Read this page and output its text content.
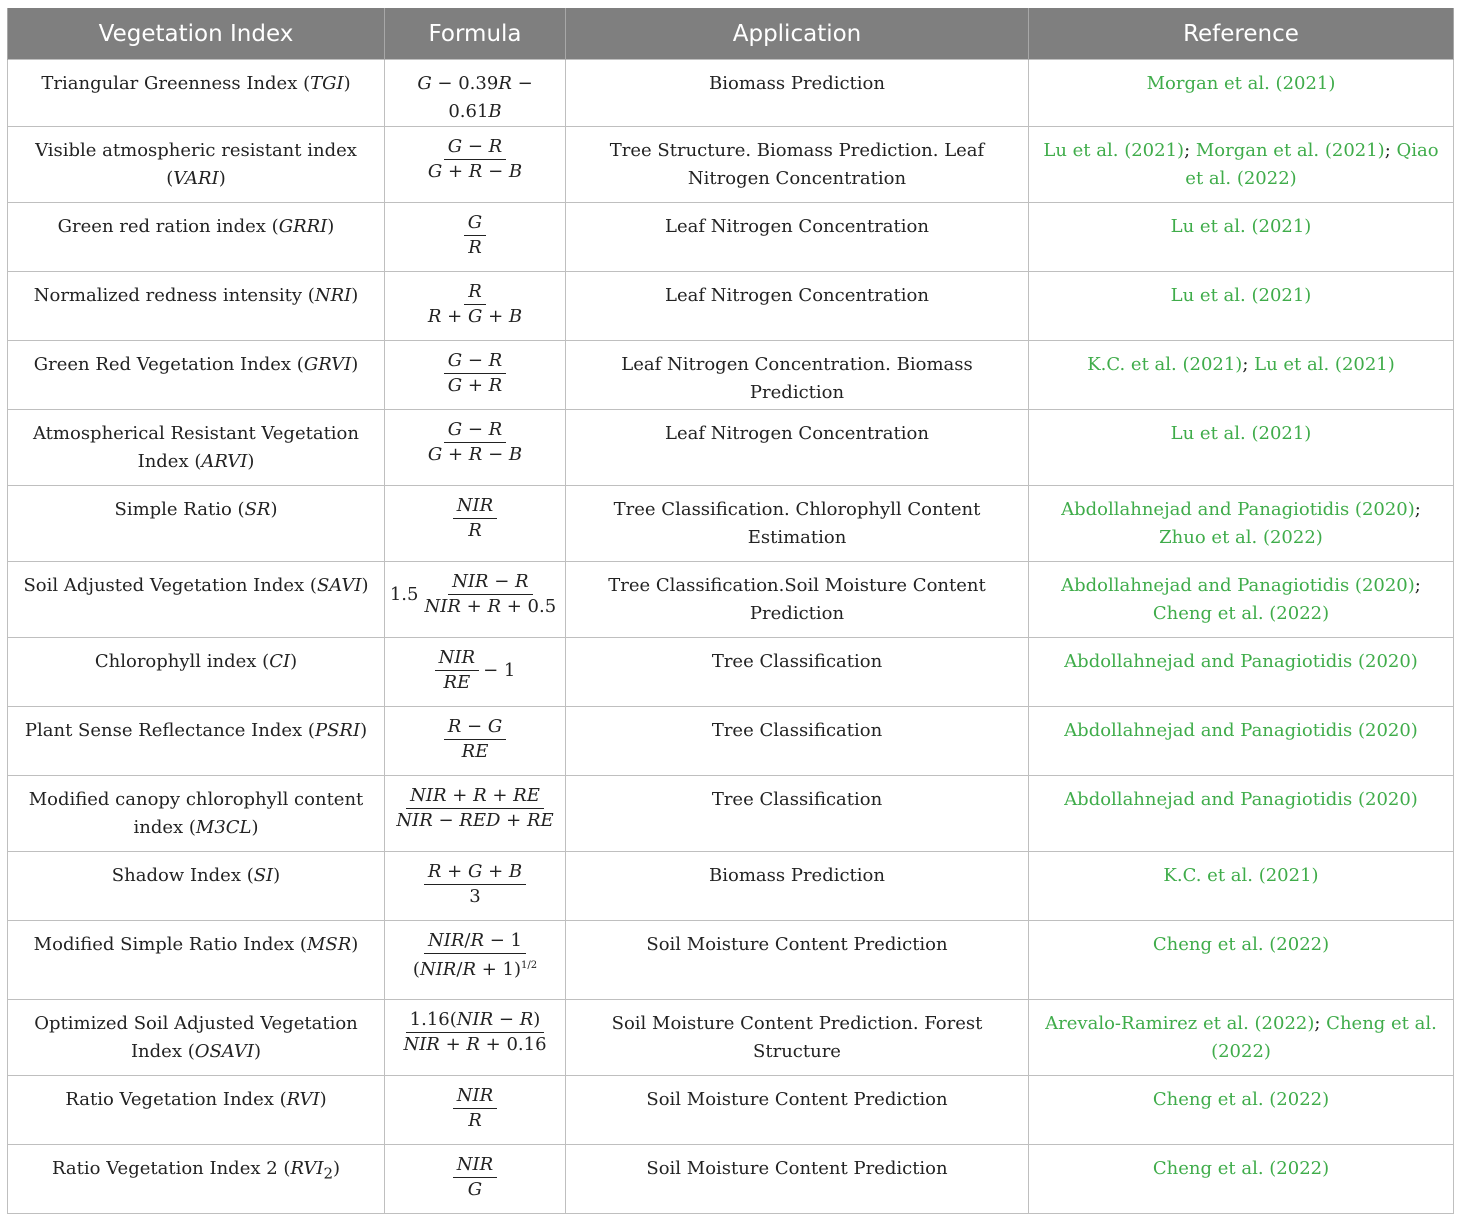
Vegetation Index	Formula	Application	Reference
Triangular Greenness Index (TGI)	G − 0.39R − 0.61B	Biomass Prediction	Morgan et al. (2021)
Visible atmospheric resistant index (VARI)	$\frac{G - R}{G + R - B}$	Tree Structure. Biomass Prediction. Leaf Nitrogen Concentration	Lu et al. (2021); Morgan et al. (2021); Qiao et al. (2022)
Green red ration index (GRRI)	$\frac{G}{R}$	Leaf Nitrogen Concentration	Lu et al. (2021)
Normalized redness intensity (NRI)	$\frac{R}{R + G + B}$	Leaf Nitrogen Concentration	Lu et al. (2021)
Green Red Vegetation Index (GRVI)	$\frac{G - R}{G + R}$	Leaf Nitrogen Concentration. Biomass Prediction	K.C. et al. (2021); Lu et al. (2021)
Atmospherical Resistant Vegetation Index (ARVI)	$\frac{G - R}{G + R - B}$	Leaf Nitrogen Concentration	Lu et al. (2021)
Simple Ratio (SR)	$\frac{\text{NIR}}{R}$	Tree Classification. Chlorophyll Content Estimation	Abdollahnejad and Panagiotidis (2020); Zhuo et al. (2022)
Soil Adjusted Vegetation Index (SAVI)	$1.5 \frac{\text{NIR − R}}{\text{NIR + R + 0.5}}$	Tree Classification.Soil Moisture Content Prediction	Abdollahnejad and Panagiotidis (2020); Cheng et al. (2022)
Chlorophyll index (CI)	$\frac{\text{NIR}}{RE} - 1$	Tree Classification	Abdollahnejad and Panagiotidis (2020)
Plant Sense Reflectance Index (PSRI)	$\frac{R - G}{RE}$	Tree Classification	Abdollahnejad and Panagiotidis (2020)
Modified canopy chlorophyll content index (M3CL)	$\frac{\text{NIR + R + RE}}{\text{NIR − RED + RE}}$	Tree Classification	Abdollahnejad and Panagiotidis (2020)
Shadow Index (SI)	$\frac{R + G + B}{3}$	Biomass Prediction	K.C. et al. (2021)
Modified Simple Ratio Index (MSR)	$\frac{\text{NIR/R − 1}}{(NIR/R + 1)^{1/2}}$	Soil Moisture Content Prediction	Cheng et al. (2022)
Optimized Soil Adjusted Vegetation Index (OSAVI)	$\frac{\text{1.16(NIR − R)}}{\text{NIR + R + 0.16}}$	Soil Moisture Content Prediction. Forest Structure	Arevalo-Ramirez et al. (2022); Cheng et al. (2022)
Ratio Vegetation Index (RVI)	$\frac{\text{NIR}}{R}$	Soil Moisture Content Prediction	Cheng et al. (2022)
Ratio Vegetation Index 2 $(RVI_2)$	$\frac{\text{NIR}}{G}$	Soil Moisture Content Prediction	Cheng et al. (2022)
